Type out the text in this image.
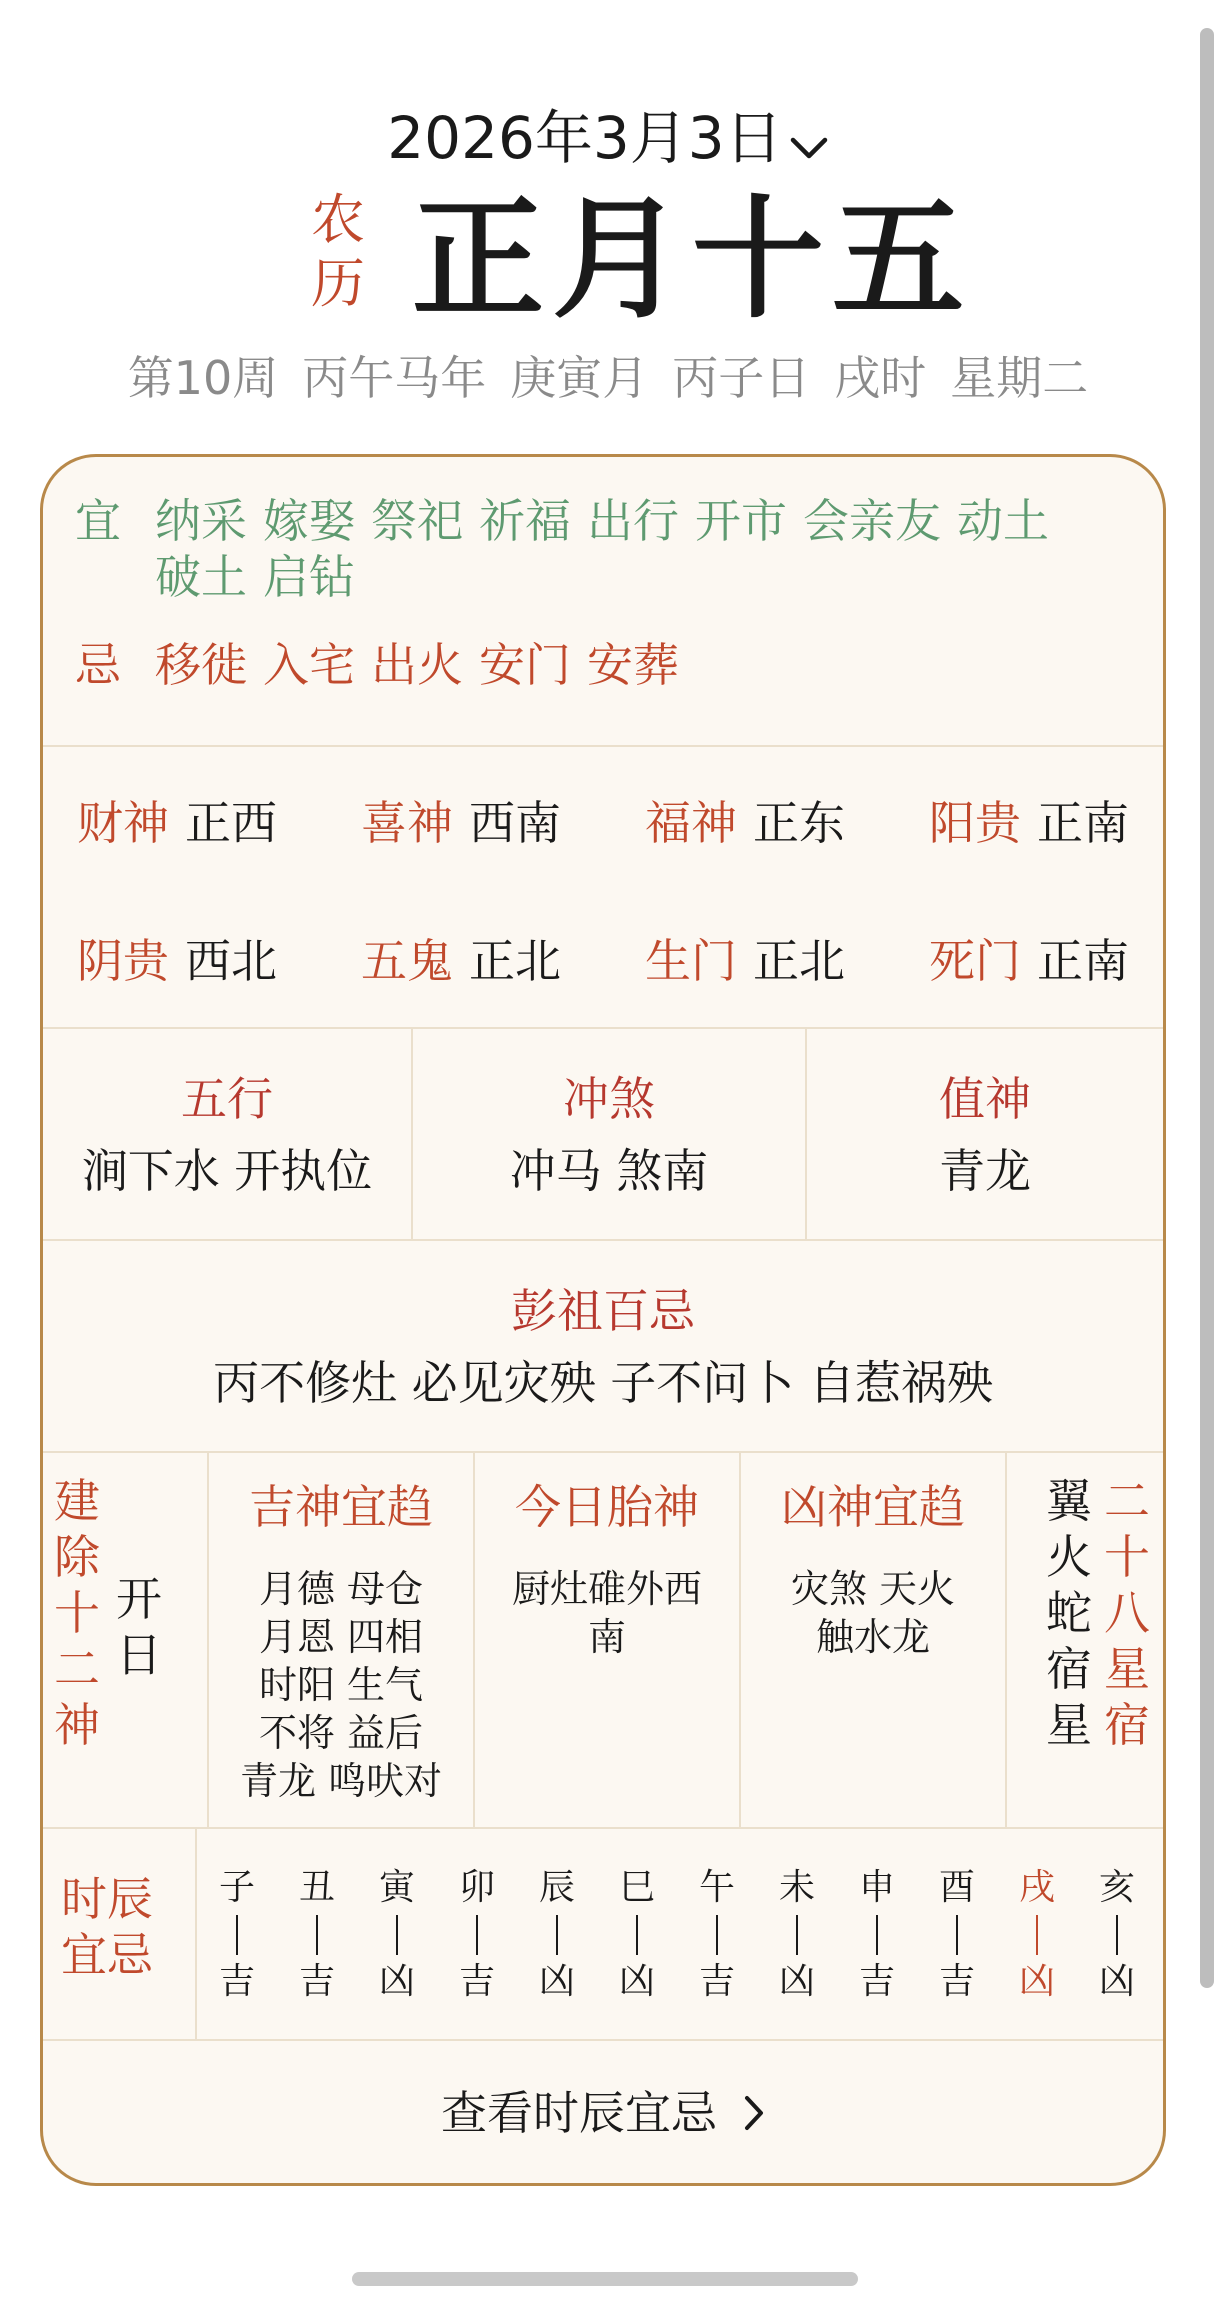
2026年3月3日
农
历 正月十五
第10周 丙午马年 庚寅月 丙子日 戌时 星期二
宜 纳采 嫁娶 祭祀 祈福 出行 开市 会亲友 动土破土 启钻
忌 移徙 入宅 出火 安门 安葬
财神 正西 喜神 西南 福神 正东 阳贵 正南
阴贵 西北 五鬼 正北 生门 正北 死门 正南
五行
涧下水 开执位
冲煞
冲马 煞南
值神
青龙
彭祖百忌
丙不修灶 必见灾殃 子不问卜 自惹祸殃
建除十二神
开日
吉神宜趋
月德 母仓
月恩 四相
时阳 生气
不将 益后
青龙 鸣吠对
今日胎神
厨灶碓外西
南
凶神宜趋
灾煞 天火
触水龙
翼火蛇宿星
二十八星宿
时辰
宜忌
子
吉
丑
吉
寅
凶
卯
吉
辰
凶
巳
凶
午
吉
未
凶
申
吉
酉
吉
戌
凶
亥
凶
查看时辰宜忌
